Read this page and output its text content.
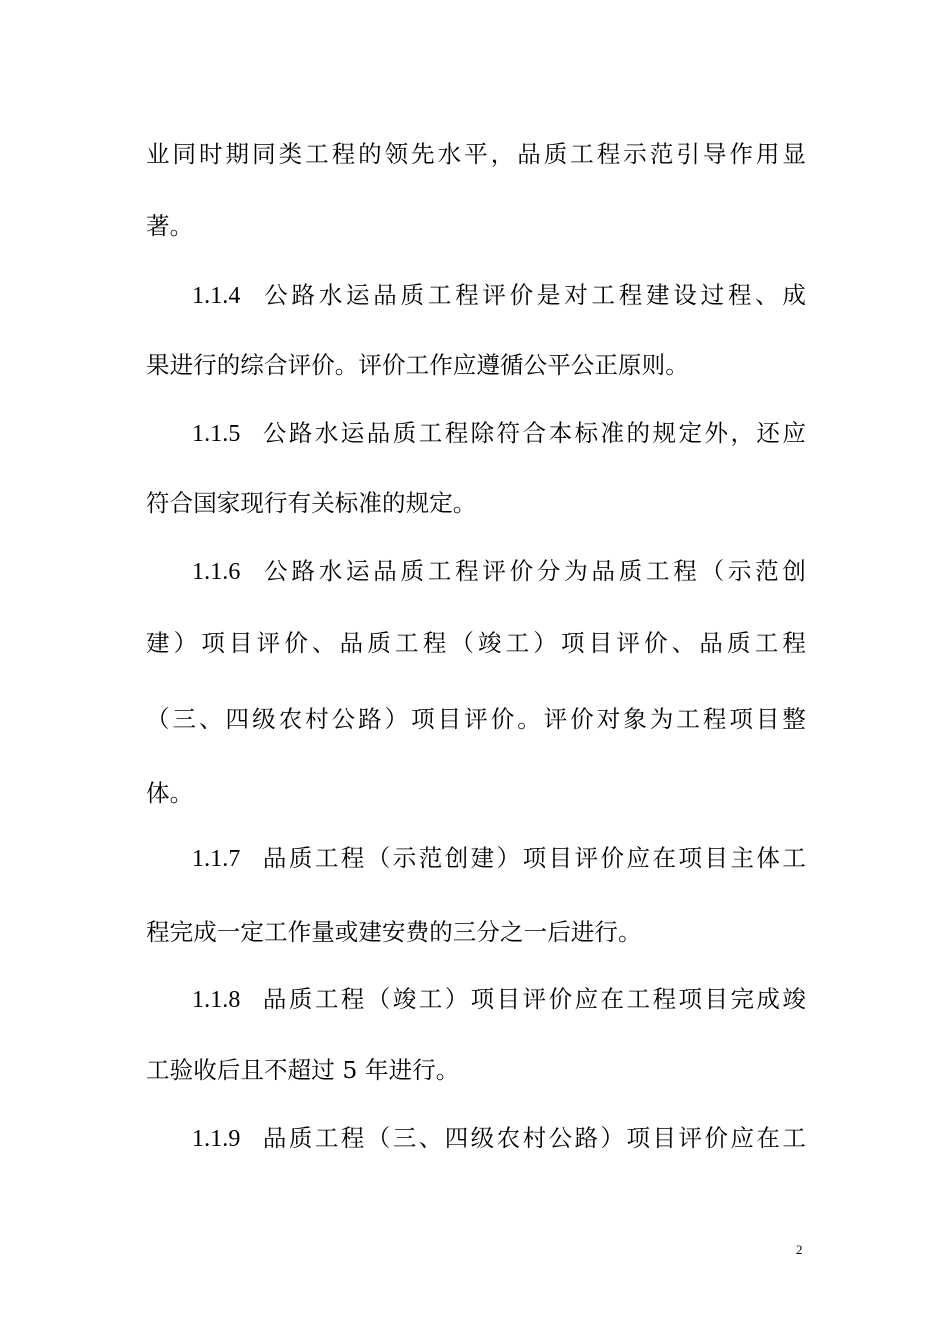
业同时期同类工程的领先水平，品质工程示范引导作用显
著。
1.1.4 公路水运品质工程评价是对工程建设过程、成
果进行的综合评价。评价工作应遵循公平公正原则。
1.1.5 公路水运品质工程除符合本标准的规定外，还应
符合国家现行有关标准的规定。
1.1.6 公路水运品质工程评价分为品质工程（示范创
建）项目评价、品质工程（竣工）项目评价、品质工程
（三、四级农村公路）项目评价。评价对象为工程项目整
体。
1.1.7 品质工程（示范创建）项目评价应在项目主体工
程完成一定工作量或建安费的三分之一后进行。
1.1.8 品质工程（竣工）项目评价应在工程项目完成竣
工验收后且不超过 5 年进行。
1.1.9 品质工程（三、四级农村公路）项目评价应在工
2
